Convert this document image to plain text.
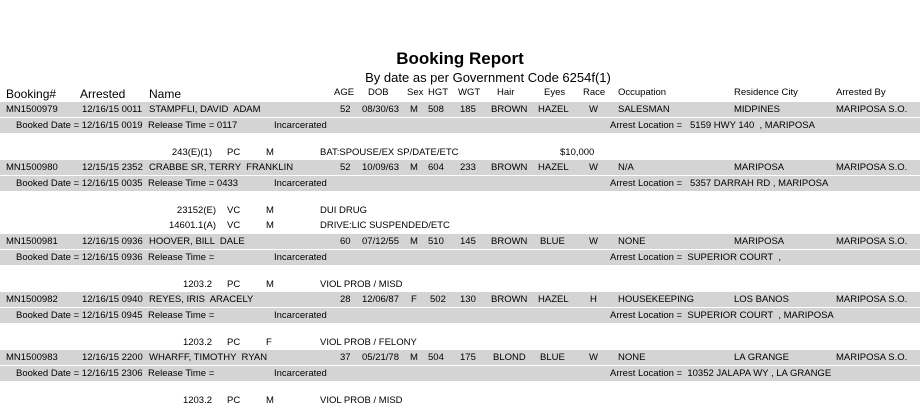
Booking Report
By date as per Government Code 6254f(1)
Booking# Arrested Name	AGE DOB Sex HGT WGT Hair	Eyes Race Occupation	Residence City	Arrested By
MN1500979	12/16/15 0011 STAMPFLI, DAVID  ADAM	52 08/30/63 M 508 185 BROWN HAZEL W SALESMAN	MIDPINES	MARIPOSA S.O.
Booked Date = 12/16/15 0019 Release Time = 0117	Incarcerated	Arrest Location =   5159 HWY 140  , MARIPOSA
243(E)(1) PC	M	BAT:SPOUSE/EX SP/DATE/ETC	$10,000
MN1500980	12/15/15 2352 CRABBE SR, TERRY  FRANKLIN	52 10/09/63 M 604 233 BROWN HAZEL W N/A	MARIPOSA	MARIPOSA S.O.
Booked Date = 12/16/15 0035 Release Time = 0433	Incarcerated	Arrest Location =   5357 DARRAH RD , MARIPOSA
23152(E) VC	M	DUI DRUG
14601.1(A) VC	M	DRIVE:LIC SUSPENDED/ETC
MN1500981	12/16/15 0936 HOOVER, BILL  DALE	60 07/12/55 M 510 145 BROWN BLUE	W NONE	MARIPOSA	MARIPOSA S.O.
Booked Date = 12/16/15 0936 Release Time =	Incarcerated	Arrest Location =  SUPERIOR COURT  ,
1203.2 PC	M	VIOL PROB / MISD
MN1500982	12/16/15 0940 REYES, IRIS  ARACELY	28 12/06/87 F 502 130 BROWN HAZEL H HOUSEKEEPING	LOS BANOS	MARIPOSA S.O.
Booked Date = 12/16/15 0945 Release Time =	Incarcerated	Arrest Location =  SUPERIOR COURT  , MARIPOSA
1203.2 PC	F	VIOL PROB / FELONY
MN1500983	12/16/15 2200 WHARFF, TIMOTHY  RYAN	37 05/21/78 M 504 175 BLOND BLUE	W NONE	LA GRANGE	MARIPOSA S.O.
Booked Date = 12/16/15 2306 Release Time =	Incarcerated	Arrest Location =  10352 JALAPA WY , LA GRANGE
1203.2 PC	M	VIOL PROB / MISD
